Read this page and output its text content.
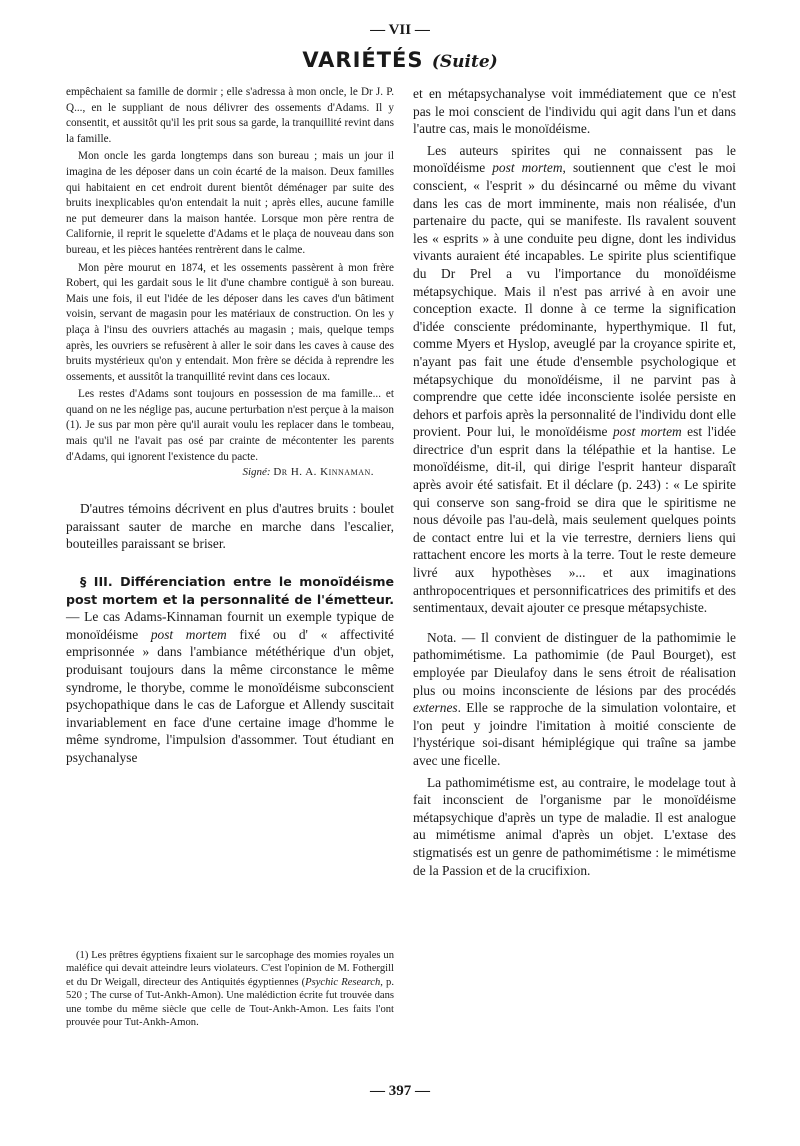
— VII —
VARIÉTÉS (Suite)

empêchaient sa famille de dormir ; elle s'adressa à mon oncle, le Dr J. P. Q..., en le suppliant de nous délivrer des ossements d'Adams. Il y consentit, et aussitôt qu'il les prit sous sa garde, la tranquillité revint dans la famille.

Mon oncle les garda longtemps dans son bureau ; mais un jour il imagina de les déposer dans un coin écarté de la maison. Deux familles qui habitaient en cet endroit durent bientôt déménager par suite des bruits inexplicables qu'on entendait la nuit ; après elles, aucune famille ne put demeurer dans la maison hantée. Lorsque mon père rentra de Californie, il reprit le squelette d'Adams et le plaça de nouveau dans son bureau, et les pièces hantées rentrèrent dans le calme.

Mon père mourut en 1874, et les ossements passèrent à mon frère Robert, qui les gardait sous le lit d'une chambre contiguë à son bureau. Mais une fois, il eut l'idée de les déposer dans les caves d'un bâtiment voisin, servant de magasin pour les matériaux de construction. On les y plaça à l'insu des ouvriers attachés au magasin ; mais, quelque temps après, les ouvriers se refusèrent à aller le soir dans les caves à cause des bruits mystérieux qu'on y entendait. Mon frère se décida à reprendre les ossements, et aussitôt la tranquillité revint dans ces locaux.

Les restes d'Adams sont toujours en possession de ma famille... et quand on ne les néglige pas, aucune perturbation n'est perçue à la maison (1). Je sus par mon père qu'il aurait voulu les replacer dans le tombeau, mais qu'il ne l'avait pas osé par crainte de mécontenter les parents d'Adams, qui ignorent l'existence du pacte.

Signé: Dr H. A. Kinnaman.

D'autres témoins décrivent en plus d'autres bruits : boulet paraissant sauter de marche en marche dans l'escalier, bouteilles paraissant se briser.

§ III. Différenciation entre le monoïdéisme post mortem et la personnalité de l'émetteur. — Le cas Adams-Kinnaman fournit un exemple typique de monoïdéisme post mortem fixé ou d' « affectivité emprisonnée » dans l'ambiance météthérique d'un objet, produisant toujours dans la même circonstance le même syndrome, le thorybe, comme le monoïdéisme subconscient psychopathique dans le cas de Laforgue et Allendy suscitait invariablement en face d'une certaine image d'homme le même syndrome, l'impulsion d'assommer. Tout étudiant en psychanalyse

(1) Les prêtres égyptiens fixaient sur le sarcophage des momies royales un maléfice qui devait atteindre leurs violateurs. C'est l'opinion de M. Fothergill et du Dr Weigall, directeur des Antiquités égyptiennes (Psychic Research, p. 520 ; The curse of Tut-Ankh-Amon). Une malédiction écrite fut trouvée dans une tombe du même siècle que celle de Tout-Ankh-Amon. Les faits l'ont prouvée pour Tut-Ankh-Amon.

et en métapsychanalyse voit immédiatement que ce n'est pas le moi conscient de l'individu qui agit dans l'un et dans l'autre cas, mais le monoïdéisme.

Les auteurs spirites qui ne connaissent pas le monoïdéisme post mortem, soutiennent que c'est le moi conscient, « l'esprit » du désincarné ou même du vivant dans les cas de mort imminente, mais non réalisée, d'un partenaire du pacte, qui se manifeste. Ils ravalent souvent les « esprits » à une conduite peu digne, dont les individus vivants auraient été incapables. Le spirite plus scientifique du Dr Prel a vu l'importance du monoïdéisme métapsychique. Mais il n'est pas arrivé à en avoir une conception exacte. Il donne à ce terme la signification d'idée consciente prédominante, hyperthymique. Il fut, comme Myers et Hyslop, aveuglé par la croyance spirite et, n'ayant pas fait une étude d'ensemble psychologique et métapsychique du monoïdéisme, il ne parvint pas à comprendre que cette idée inconsciente isolée persiste en dehors et parfois après la personnalité de l'individu dont elle provient. Pour lui, le monoïdéisme post mortem est l'idée directrice d'un esprit dans la télépathie et la hantise. Le monoïdéisme, dit-il, qui dirige l'esprit hanteur disparaît après avoir été satisfait. Et il déclare (p. 243) : « Le spirite qui conserve son sang-froid se dira que le spiritisme ne nous dévoile pas l'au-delà, mais seulement quelques points de contact entre lui et la vie terrestre, derniers liens qui rattachent encore les morts à la terre. Tout le reste demeure livré aux hypothèses »... et aux imaginations anthropocentriques et personnificatrices des primitifs et des sentimentaux, devait ajouter ce presque métapsychiste.

Nota. — Il convient de distinguer de la pathomimie le pathomimétisme. La pathomimie (de Paul Bourget), est employée par Dieulafoy dans le sens étroit de réalisation plus ou moins inconsciente de lésions par des procédés externes. Elle se rapproche de la simulation volontaire, et l'on peut y joindre l'imitation à moitié consciente de l'hystérique soi-disant hémiplégique qui traîne sa jambe avec une ficelle.

La pathomimétisme est, au contraire, le modelage tout à fait inconscient de l'organisme par le monoïdéisme métapsychique d'après un type de maladie. Il est analogue au mimétisme animal d'après un objet. L'extase des stigmatisés est un genre de pathomimétisme : le mimétisme de la Passion et de la crucifixion.

— 397 —
